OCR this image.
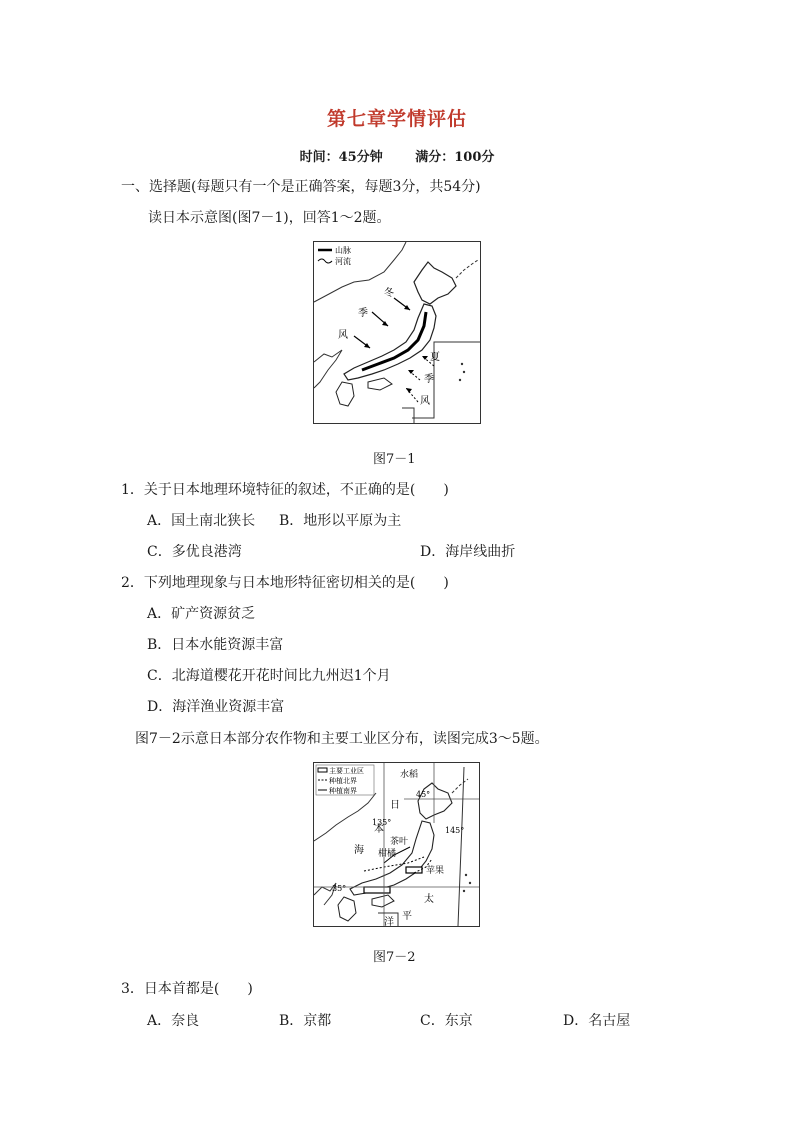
第七章学情评估
时间：45分钟	满分：100分
一、选择题(每题只有一个是正确答案，每题3分，共54分)
读日本示意图(图7－1)，回答1～2题。
山脉
河流
冬
季
风
夏
季
风
图7－1
1．关于日本地理环境特征的叙述，不正确的是(　　)
A．国土南北狭长 B．地形以平原为主
C．多优良港湾	D．海岸线曲折
2．下列地理现象与日本地形特征密切相关的是(　　)
A．矿产资源贫乏
B．日本水能资源丰富
C．北海道樱花开花时间比九州迟1个月
D．海洋渔业资源丰富
图7－2示意日本部分农作物和主要工业区分布，读图完成3～5题。
主要工业区
种植北界
种植南界
水稻
茶叶
柑橘
苹果
45°
35°
135°
145°
日
本
海
太
平
洋
图7－2
3．日本首都是(　　)
A．奈良	B．京都	C．东京	D．名古屋
